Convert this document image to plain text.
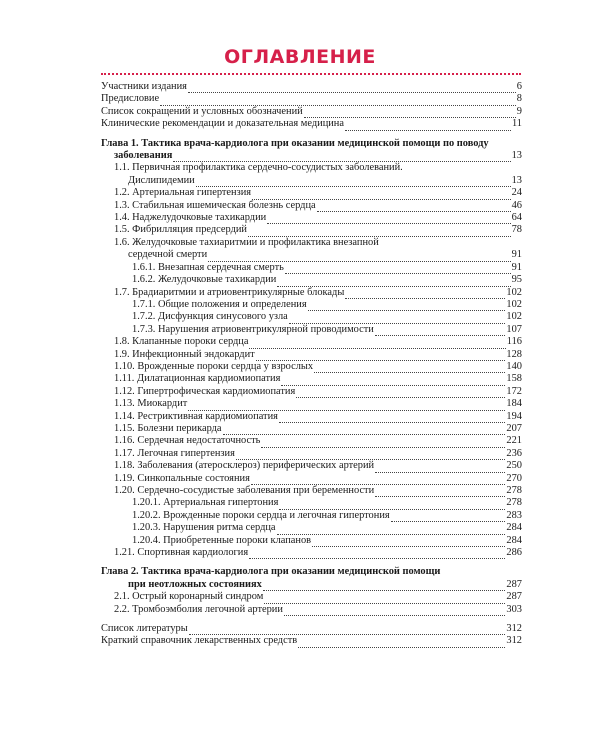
ОГЛАВЛЕНИЕ
Участники издания	6
Предисловие	8
Список сокращений и условных обозначений	9
Клинические рекомендации и доказательная медицина	11
Глава 1. Тактика врача-кардиолога при оказании медицинской помощи по поводу
заболевания	13
1.1. Первичная профилактика сердечно-сосудистых заболеваний.
Дислипидемии	13
1.2. Артериальная гипертензия	24
1.3. Стабильная ишемическая болезнь сердца	46
1.4. Наджелудочковые тахикардии	64
1.5. Фибрилляция предсердий	78
1.6. Желудочковые тахиаритмии и профилактика внезапной
сердечной смерти	91
1.6.1. Внезапная сердечная смерть	91
1.6.2. Желудочковые тахикардии	95
1.7. Брадиаритмии и атриовентрикулярные блокады	102
1.7.1. Общие положения и определения	102
1.7.2. Дисфункция синусового узла	102
1.7.3. Нарушения атриовентрикулярной проводимости	107
1.8. Клапанные пороки сердца	116
1.9. Инфекционный эндокардит	128
1.10. Врожденные пороки сердца у взрослых	140
1.11. Дилатационная кардиомиопатия	158
1.12. Гипертрофическая кардиомиопатия	172
1.13. Миокардит	184
1.14. Рестриктивная кардиомиопатия	194
1.15. Болезни перикарда	207
1.16. Сердечная недостаточность	221
1.17. Легочная гипертензия	236
1.18. Заболевания (атеросклероз) периферических артерий	250
1.19. Синкопальные состояния	270
1.20. Сердечно-сосудистые заболевания при беременности	278
1.20.1. Артериальная гипертония	278
1.20.2. Врожденные пороки сердца и легочная гипертония	283
1.20.3. Нарушения ритма сердца	284
1.20.4. Приобретенные пороки клапанов	284
1.21. Спортивная кардиология	286
Глава 2. Тактика врача-кардиолога при оказании медицинской помощи
при неотложных состояниях	287
2.1. Острый коронарный синдром	287
2.2. Тромбоэмболия легочной артерии	303
Список литературы	312
Краткий справочник лекарственных средств	312
